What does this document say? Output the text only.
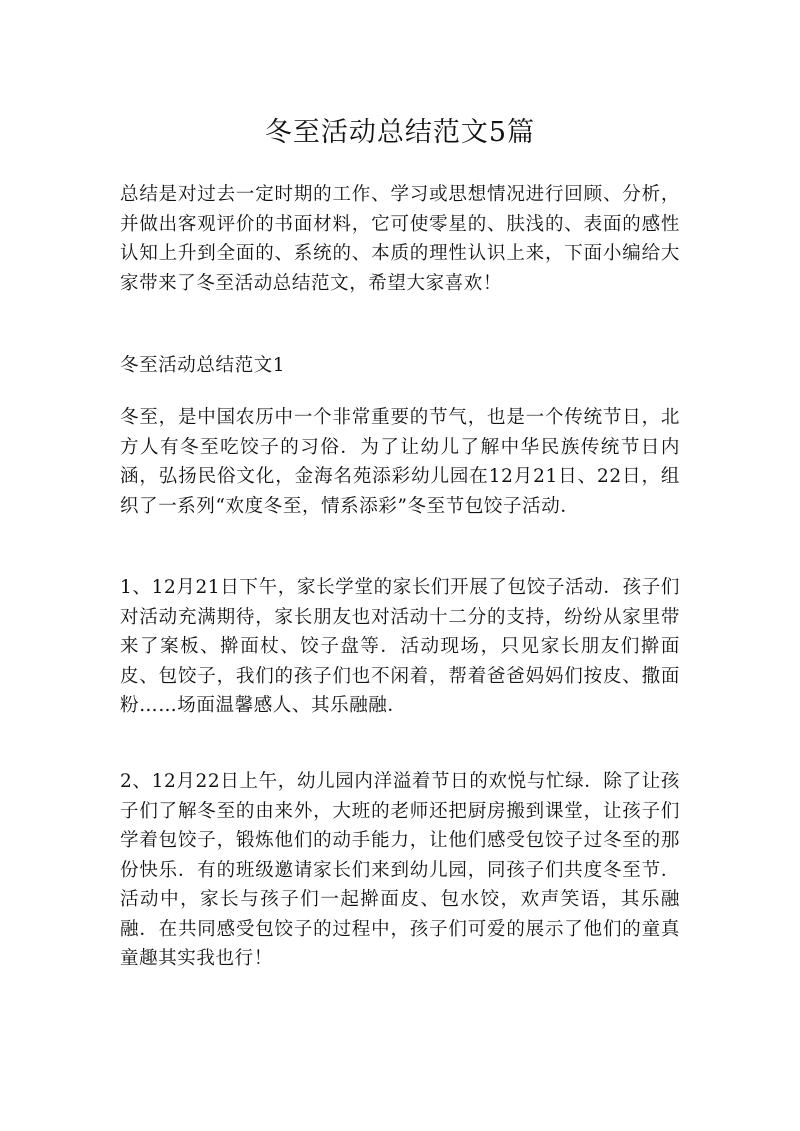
冬至活动总结范文5篇

总结是对过去一定时期的工作、学习或思想情况进行回顾、分析，并做出客观评价的书面材料，它可使零星的、肤浅的、表面的感性认知上升到全面的、系统的、本质的理性认识上来，下面小编给大家带来了冬至活动总结范文，希望大家喜欢！

冬至活动总结范文1

冬至，是中国农历中一个非常重要的节气，也是一个传统节日，北方人有冬至吃饺子的习俗．为了让幼儿了解中华民族传统节日内涵，弘扬民俗文化，金海名苑添彩幼儿园在12月21日、22日，组织了一系列“欢度冬至，情系添彩”冬至节包饺子活动．

1、12月21日下午，家长学堂的家长们开展了包饺子活动．孩子们对活动充满期待，家长朋友也对活动十二分的支持，纷纷从家里带来了案板、擀面杖、饺子盘等．活动现场，只见家长朋友们擀面皮、包饺子，我们的孩子们也不闲着，帮着爸爸妈妈们按皮、撒面粉……场面温馨感人、其乐融融．

2、12月22日上午，幼儿园内洋溢着节日的欢悦与忙绿．除了让孩子们了解冬至的由来外，大班的老师还把厨房搬到课堂，让孩子们学着包饺子，锻炼他们的动手能力，让他们感受包饺子过冬至的那份快乐．有的班级邀请家长们来到幼儿园，同孩子们共度冬至节．活动中，家长与孩子们一起擀面皮、包水饺，欢声笑语，其乐融融．在共同感受包饺子的过程中，孩子们可爱的展示了他们的童真童趣其实我也行！
